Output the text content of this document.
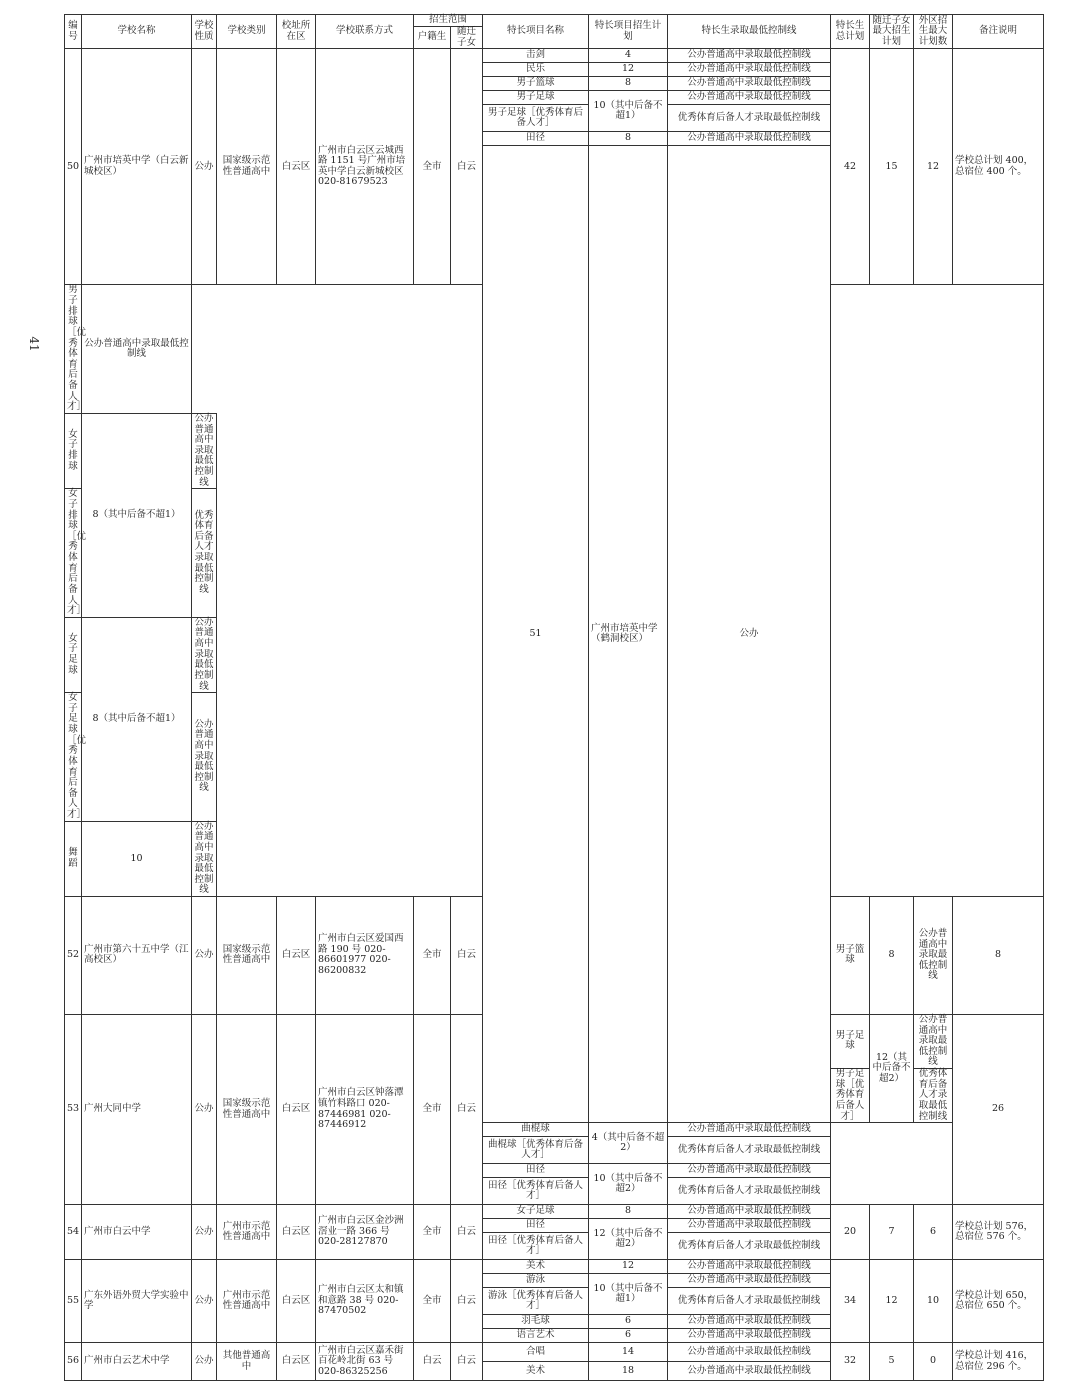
41
编号	学校名称	学校性质	学校类别	校址所在区	学校联系方式	招生范围		特长项目名称	特长项目招生计划	特长生录取最低控制线	特长生总计划	随迁子女最大招生计划	外区招生最大计划数	备注说明	
						户籍生	随迁子女								
50	广州市培英中学（白云新城校区）	公办	国家级示范性普通高中	白云区	广州市白云区云城西路 1151 号广州市培英中学白云新城校区 020-81679523	全市	白云	击剑	4	公办普通高中录取最低控制线	42	15	12	学校总计划 400，总宿位 400 个。	
								民乐	12	公办普通高中录取最低控制线					
								男子篮球	8	公办普通高中录取最低控制线					
								男子足球	10（其中后备不超1）	公办普通高中录取最低控制线					
								男子足球［优秀体育后备人才］		优秀体育后备人才录取最低控制线					
								田径	8	公办普通高中录取最低控制线					
								51	广州市培英中学（鹤洞校区）	公办												
男子排球［优秀体育后备人才］	公办普通高中录取最低控制线														
女子排球	8（其中后备不超1）	公办普通高中录取最低控制线													
女子排球［优秀体育后备人才］		优秀体育后备人才录取最低控制线													
女子足球	8（其中后备不超1）	公办普通高中录取最低控制线													
女子足球［优秀体育后备人才］		公办普通高中录取最低控制线													
舞蹈	10	公办普通高中录取最低控制线													
52	广州市第六十五中学（江高校区）	公办	国家级示范性普通高中	白云区	广州市白云区爱国西路 190 号 020-86601977 020-86200832	全市	白云				男子篮球	8	公办普通高中录取最低控制线	8			
53	广州大同中学	公办	国家级示范性普通高中	白云区	广州市白云区钟落潭镇竹料路口 020-87446981 020-87446912	全市	白云				男子足球	12（其中后备不超2）	公办普通高中录取最低控制线	26			
											男子足球［优秀体育后备人才］		优秀体育后备人才录取最低控制线		
								曲棍球	4（其中后备不超2）	公办普通高中录取最低控制线					
								曲棍球［优秀体育后备人才］		优秀体育后备人才录取最低控制线					
								田径	10（其中后备不超2）	公办普通高中录取最低控制线					
								田径［优秀体育后备人才］		优秀体育后备人才录取最低控制线					
54	广州市白云中学	公办	广州市示范性普通高中	白云区	广州市白云区金沙洲滘业一路 366 号 020-28127870	全市	白云	女子足球	8	公办普通高中录取最低控制线	20	7	6	学校总计划 576，总宿位 576 个。	
								田径	12（其中后备不超2）	公办普通高中录取最低控制线					
								田径［优秀体育后备人才］		优秀体育后备人才录取最低控制线					
55	广东外语外贸大学实验中学	公办	广州市示范性普通高中	白云区	广州市白云区太和镇和意路 38 号 020-87470502	全市	白云	美术	12	公办普通高中录取最低控制线	34	12	10	学校总计划 650，总宿位 650 个。	
								游泳	10（其中后备不超1）	公办普通高中录取最低控制线					
								游泳［优秀体育后备人才］		优秀体育后备人才录取最低控制线					
								羽毛球	6	公办普通高中录取最低控制线					
								语言艺术	6	公办普通高中录取最低控制线					
56	广州市白云艺术中学	公办	其他普通高中	白云区	广州市白云区嘉禾街百花岭北街 63 号 020-86325256	白云	白云	合唱	14	公办普通高中录取最低控制线	32	5	0	学校总计划 416，总宿位 296 个。	
								美术	18	公办普通高中录取最低控制线					
